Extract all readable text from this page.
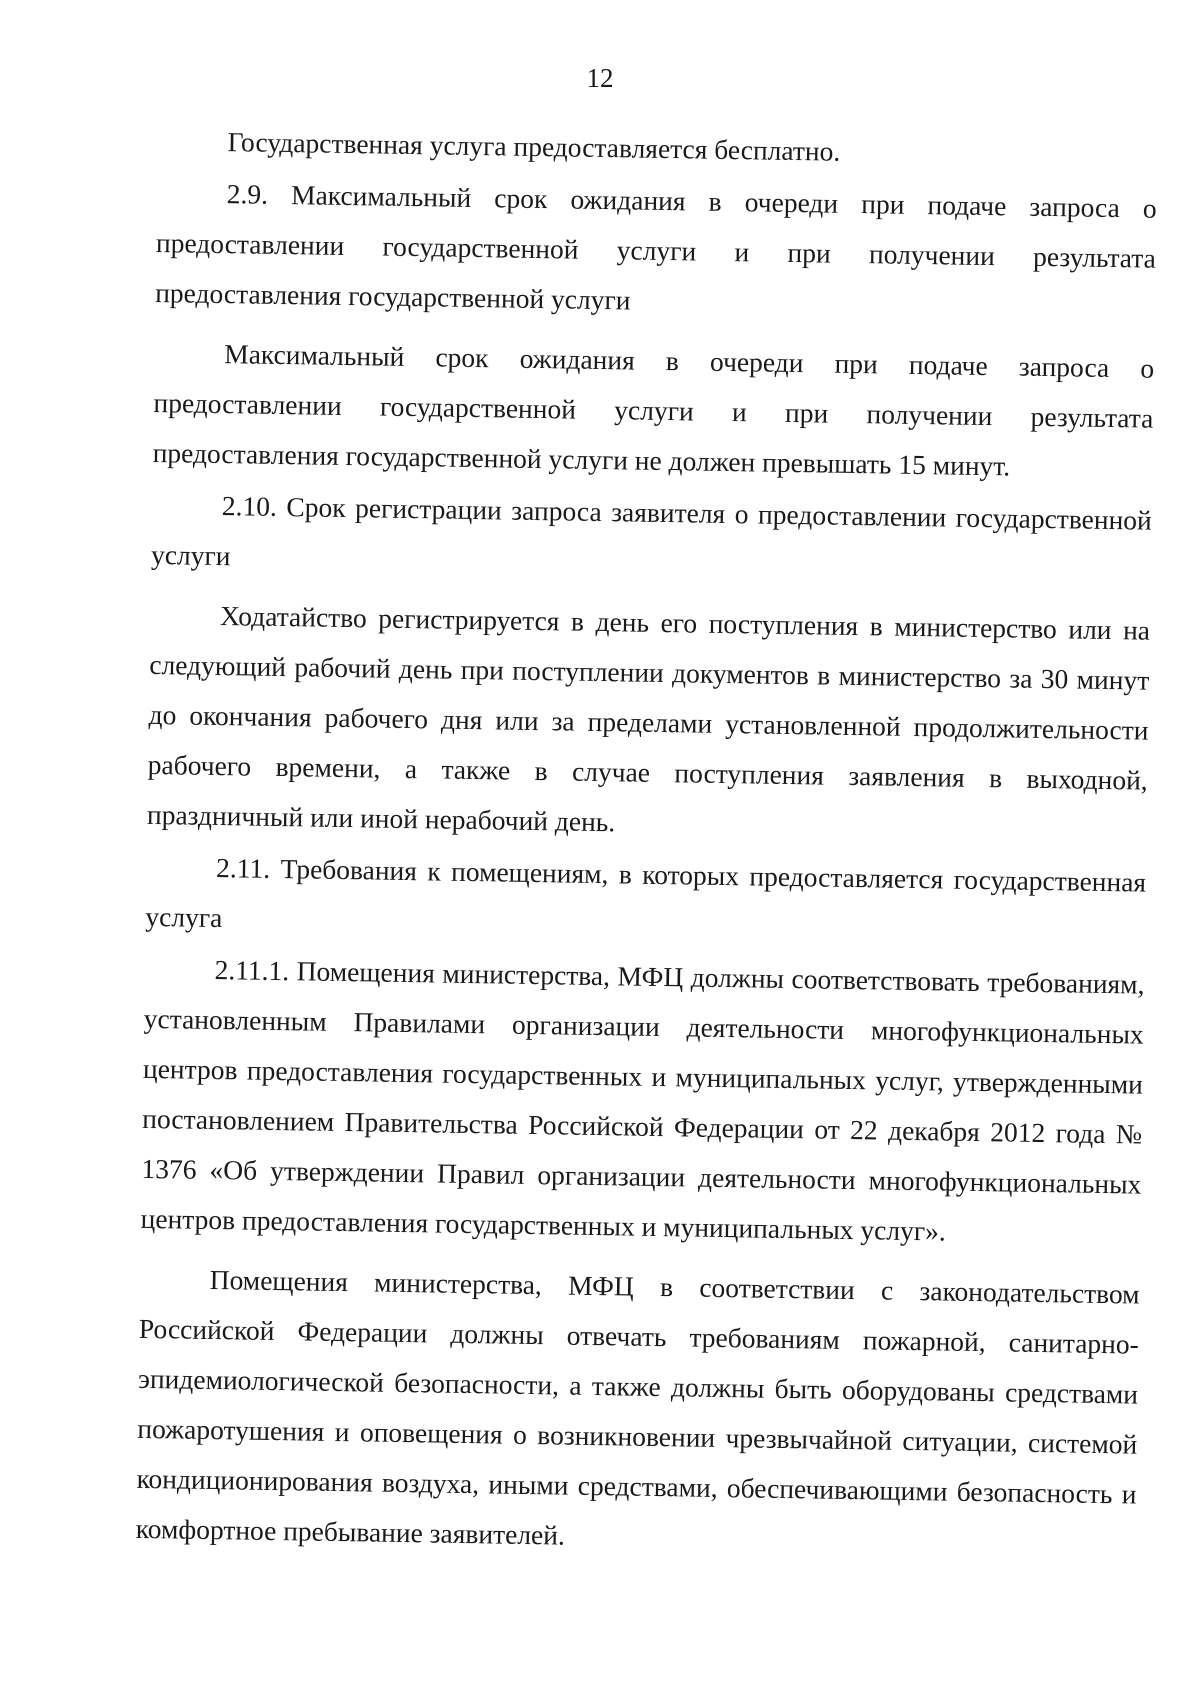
12

Государственная услуга предоставляется бесплатно.

2.9. Максимальный срок ожидания в очереди при подаче запроса о предоставлении государственной услуги и при получении результата предоставления государственной услуги

Максимальный срок ожидания в очереди при подаче запроса о предоставлении государственной услуги и при получении результата предоставления государственной услуги не должен превышать 15 минут.

2.10. Срок регистрации запроса заявителя о предоставлении государственной услуги

Ходатайство регистрируется в день его поступления в министерство или на следующий рабочий день при поступлении документов в министерство за 30 минут до окончания рабочего дня или за пределами установленной продолжительности рабочего времени, а также в случае поступления заявления в выходной, праздничный или иной нерабочий день.

2.11. Требования к помещениям, в которых предоставляется государственная услуга

2.11.1. Помещения министерства, МФЦ должны соответствовать требованиям, установленным Правилами организации деятельности многофункциональных центров предоставления государственных и муниципальных услуг, утвержденными постановлением Правительства Российской Федерации от 22 декабря 2012 года № 1376 «Об утверждении Правил организации деятельности многофункциональных центров предоставления государственных и муниципальных услуг».

Помещения министерства, МФЦ в соответствии с законодательством Российской Федерации должны отвечать требованиям пожарной, санитарно-эпидемиологической безопасности, а также должны быть оборудованы средствами пожаротушения и оповещения о возникновении чрезвычайной ситуации, системой кондиционирования воздуха, иными средствами, обеспечивающими безопасность и комфортное пребывание заявителей.
